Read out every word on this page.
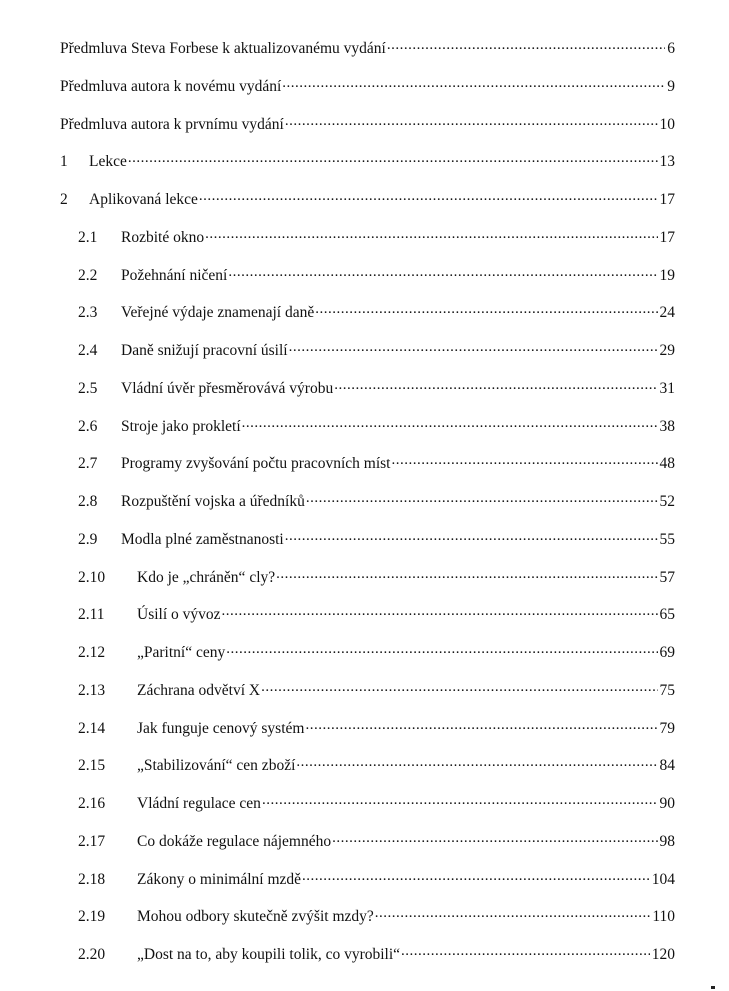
Předmluva Steva Forbese k aktualizovanému vydání .....	6
Předmluva autora k novému vydání .....	9
Předmluva autora k prvnímu vydání .....	10
1	Lekce .....	13
2	Aplikovaná lekce .....	17
2.1	Rozbité okno .....	17
2.2	Požehnání ničení .....	19
2.3	Veřejné výdaje znamenají daně .....	24
2.4	Daně snižují pracovní úsilí .....	29
2.5	Vládní úvěr přesměrovává výrobu .....	31
2.6	Stroje jako prokletí .....	38
2.7	Programy zvyšování počtu pracovních míst .....	48
2.8	Rozpuštění vojska a úředníků .....	52
2.9	Modla plné zaměstnanosti .....	55
2.10	Kdo je „chráněn“ cly? .....	57
2.11	Úsilí o vývoz .....	65
2.12	„Paritní“ ceny .....	69
2.13	Záchrana odvětví X .....	75
2.14	Jak funguje cenový systém .....	79
2.15	„Stabilizování“ cen zboží .....	84
2.16	Vládní regulace cen .....	90
2.17	Co dokáže regulace nájemného .....	98
2.18	Zákony o minimální mzdě .....	104
2.19	Mohou odbory skutečně zvýšit mzdy? .....	110
2.20	„Dost na to, aby koupili tolik, co vyrobili“ .....	120
